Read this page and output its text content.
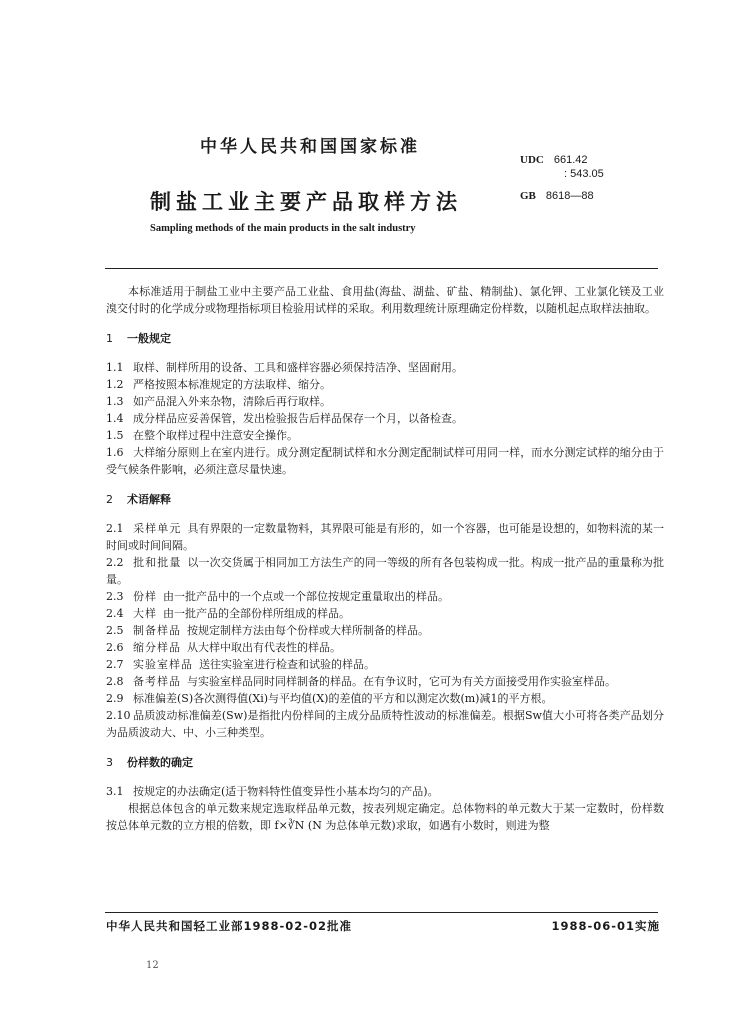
中华人民共和国国家标准
UDC 661.42
: 543.05
制盐工业主要产品取样方法	GB 8618—88
Sampling methods of the main products in the salt industry

本标准适用于制盐工业中主要产品工业盐、食用盐(海盐、湖盐、矿盐、精制盐)、氯化钾、工业氯化镁及工业溴交付时的化学成分或物理指标项目检验用试样的采取。利用数理统计原理确定份样数，以随机起点取样法抽取。

1 一般规定

1.1 取样、制样所用的设备、工具和盛样容器必须保持洁净、坚固耐用。

1.2 严格按照本标准规定的方法取样、缩分。

1.3 如产品混入外来杂物，清除后再行取样。

1.4 成分样品应妥善保管，发出检验报告后样品保存一个月，以备检查。

1.5 在整个取样过程中注意安全操作。

1.6 大样缩分原则上在室内进行。成分测定配制试样和水分测定配制试样可用同一样，而水分测定试样的缩分由于受气候条件影响，必须注意尽量快速。

2 术语解释

2.1 采样单元 具有界限的一定数量物料，其界限可能是有形的，如一个容器，也可能是设想的，如物料流的某一时间或时间间隔。

2.2 批和批量 以一次交货属于相同加工方法生产的同一等级的所有各包装构成一批。构成一批产品的重量称为批量。

2.3 份样 由一批产品中的一个点或一个部位按规定重量取出的样品。

2.4 大样 由一批产品的全部份样所组成的样品。

2.5 制备样品 按规定制样方法由每个份样或大样所制备的样品。

2.6 缩分样品 从大样中取出有代表性的样品。

2.7 实验室样品 送往实验室进行检查和试验的样品。

2.8 备考样品 与实验室样品同时同样制备的样品。在有争议时，它可为有关方面接受用作实验室样品。

2.9 标准偏差(S)各次测得值(Xi)与平均值(X)的差值的平方和以测定次数(m)减1的平方根。

2.10 品质波动标准偏差(Sw)是指批内份样间的主成分品质特性波动的标准偏差。根据Sw值大小可将各类产品划分为品质波动大、中、小三种类型。

3 份样数的确定

3.1 按规定的办法确定(适于物料特性值变异性小基本均匀的产品)。

根据总体包含的单元数来规定选取样品单元数，按表列规定确定。总体物料的单元数大于某一定数时，份样数按总体单元数的立方根的倍数，即 f×∛N (N 为总体单元数)求取，如遇有小数时，则进为整

中华人民共和国轻工业部1988-02-02批准	1988-06-01实施
12
